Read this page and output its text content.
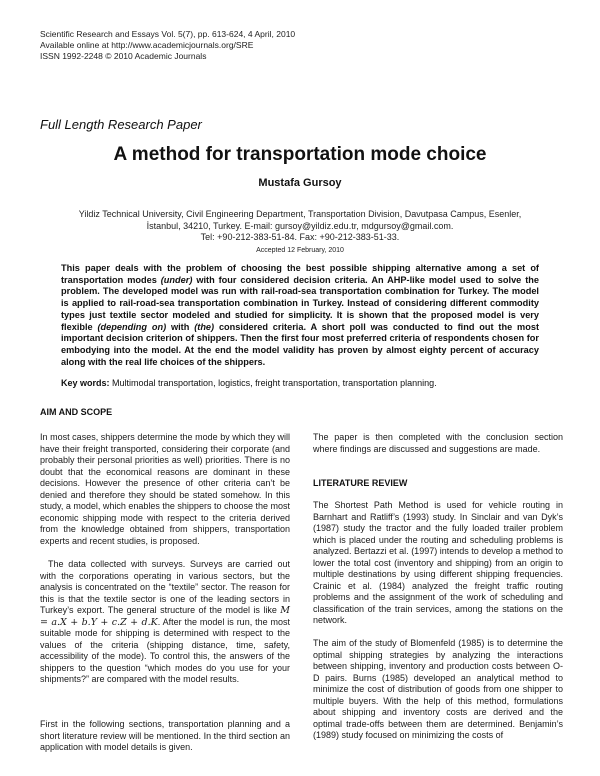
Scientific Research and Essays Vol. 5(7), pp. 613-624, 4 April, 2010
Available online at http://www.academicjournals.org/SRE
ISSN 1992-2248 © 2010 Academic Journals
Full Length Research Paper
A method for transportation mode choice
Mustafa Gursoy
Yildiz Technical University, Civil Engineering Department, Transportation Division, Davutpasa Campus, Esenler,
İstanbul, 34210, Turkey. E-mail: gursoy@yildiz.edu.tr, mdgursoy@gmail.com.
Tel: +90-212-383-51-84. Fax: +90-212-383-51-33.
Accepted 12 February, 2010
This paper deals with the problem of choosing the best possible shipping alternative among a set of transportation modes (under) with four considered decision criteria. An AHP-like model used to solve the problem. The developed model was run with rail-road-sea transportation combination for Turkey. The model is applied to rail-road-sea transportation combination in Turkey. Instead of considering different commodity types just textile sector modeled and studied for simplicity. It is shown that the proposed model is very flexible (depending on) with (the) considered criteria. A short poll was conducted to find out the most important decision criterion of shippers. Then the first four most preferred criteria of respondents chosen for embodying into the model. At the end the model validity has proven by almost eighty percent of accuracy along with the real life choices of the shippers.
Key words: Multimodal transportation, logistics, freight transportation, transportation planning.
AIM AND SCOPE

In most cases, shippers determine the mode by which they will have their freight transported, considering their corporate (and probably their personal priorities as well) priorities. There is no doubt that the economical reasons are dominant in these decisions. However the presence of other criteria can’t be denied and therefore they should be stated somehow. In this study, a model, which enables the shippers to choose the most economic shipping mode with respect to the criteria derived from the knowledge obtained from shippers, transportation experts and recent studies, is proposed.

The data collected with surveys. Surveys are carried out with the corporations operating in various sectors, but the analysis is concentrated on the “textile” sector. The reason for this is that the textile sector is one of the leading sectors in Turkey’s export. The general structure of the model is like M = a.X + b.Y + c.Z + d.K. After the model is run, the most suitable mode for shipping is determined with respect to the values of the criteria (shipping distance, time, safety, accessibility of the mode). To control this, the answers of the shippers to the question “which modes do you use for your shipments?” are compared with the model results.

First in the following sections, transportation planning and a short literature review will be mentioned. In the third section an application with model details is given.

The paper is then completed with the conclusion section where findings are discussed and suggestions are made.

LITERATURE REVIEW

The Shortest Path Method is used for vehicle routing in Barnhart and Ratliff’s (1993) study. In Sinclair and van Dyk’s (1987) study the tractor and the fully loaded trailer problem which is placed under the routing and scheduling problems is analyzed. Bertazzi et al. (1997) intends to develop a method to lower the total cost (inventory and shipping) from an origin to multiple destinations by using different shipping frequencies. Crainic et al. (1984) analyzed the freight traffic routing problems and the assignment of the work of scheduling and classification of the train services, among the stations on the network.

The aim of the study of Blomenfeld (1985) is to determine the optimal shipping strategies by analyzing the interactions between shipping, inventory and production costs between O-D pairs. Burns (1985) developed an analytical method to minimize the cost of distribution of goods from one shipper to multiple buyers. With the help of this method, formulations about shipping and inventory costs are derived and the optimal trade-offs between them are determined. Benjamin’s (1989) study focused on minimizing the costs of
